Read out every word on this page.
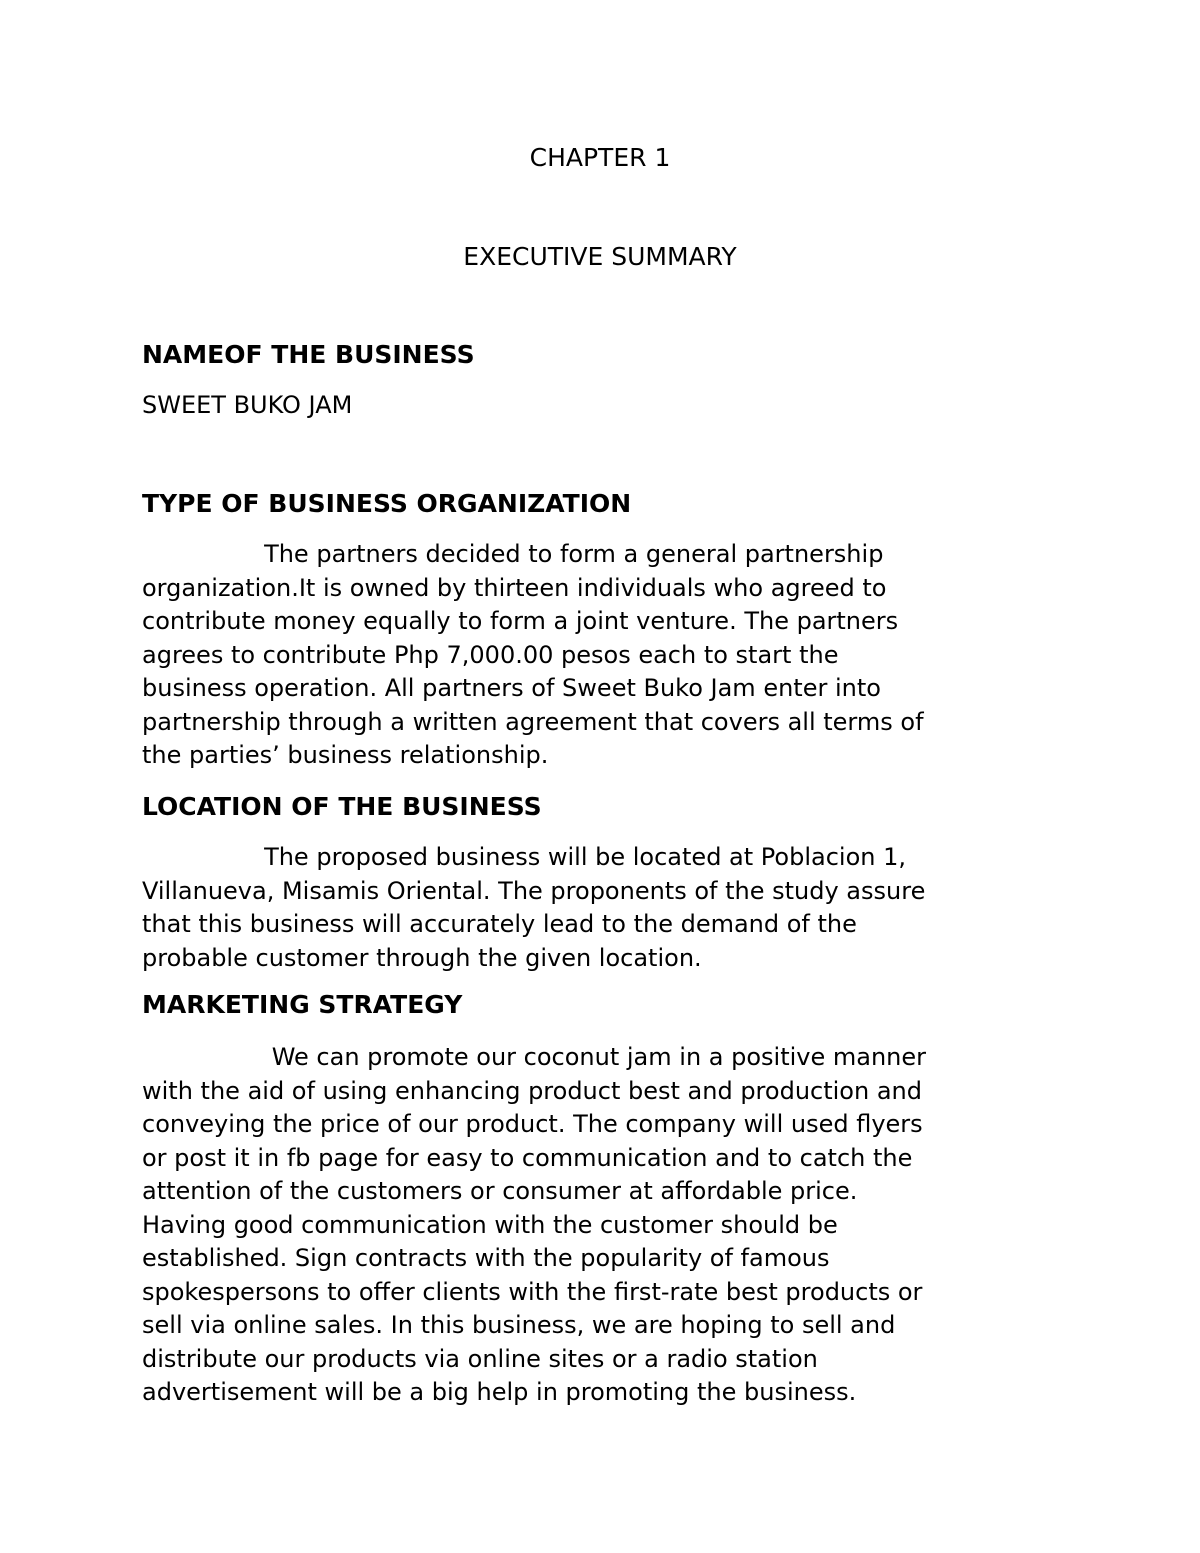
CHAPTER 1

EXECUTIVE SUMMARY

NAMEOF THE BUSINESS

SWEET BUKO JAM

TYPE OF BUSINESS ORGANIZATION

The partners decided to form a general partnership
organization.It is owned by thirteen individuals who agreed to
contribute money equally to form a joint venture. The partners
agrees to contribute Php 7,000.00 pesos each to start the
business operation. All partners of Sweet Buko Jam enter into
partnership through a written agreement that covers all terms of
the parties’ business relationship.

LOCATION OF THE BUSINESS

The proposed business will be located at Poblacion 1,
Villanueva, Misamis Oriental. The proponents of the study assure
that this business will accurately lead to the demand of the
probable customer through the given location.

MARKETING STRATEGY

We can promote our coconut jam in a positive manner
with the aid of using enhancing product best and production and
conveying the price of our product. The company will used flyers
or post it in fb page for easy to communication and to catch the
attention of the customers or consumer at affordable price.
Having good communication with the customer should be
established. Sign contracts with the popularity of famous
spokespersons to offer clients with the first-rate best products or
sell via online sales. In this business, we are hoping to sell and
distribute our products via online sites or a radio station
advertisement will be a big help in promoting the business.
